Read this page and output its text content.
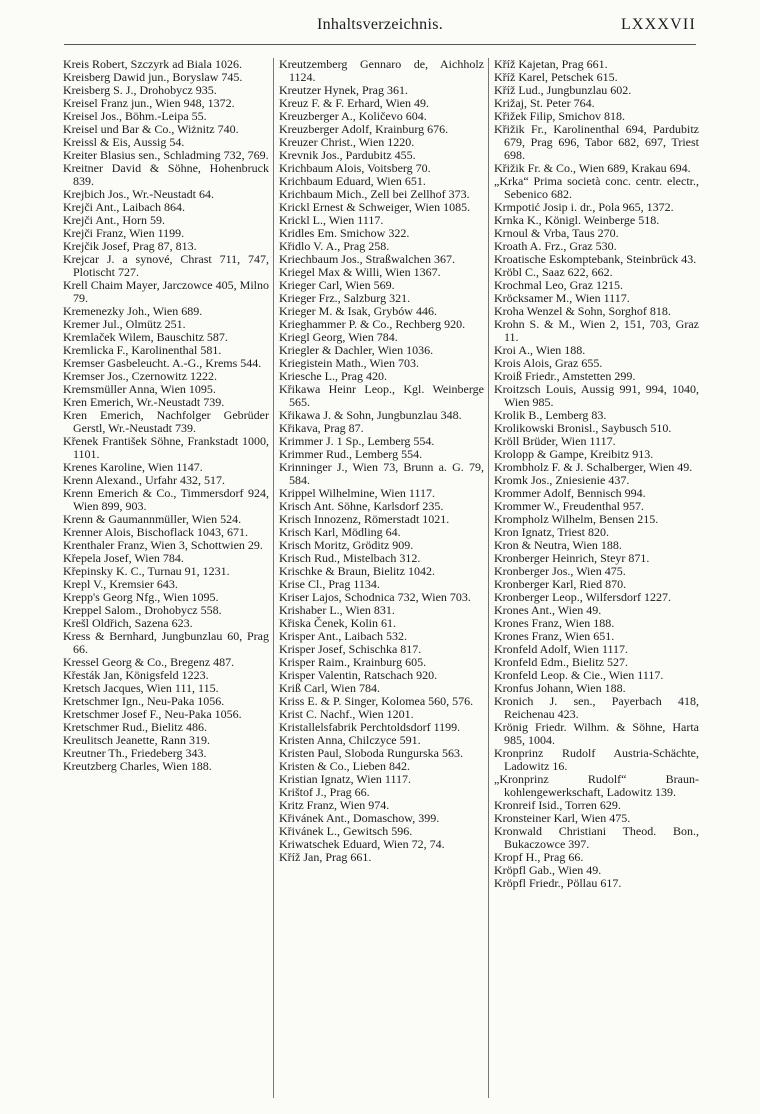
Inhaltsverzeichnis.	LXXXVII

Kreis Robert, Szczyrk ad Biala 1026.

Kreisberg Dawid jun., Boryslaw 745.

Kreisberg S. J., Drohobycz 935.

Kreisel Franz jun., Wien 948, 1372.

Kreisel Jos., Böhm.-Leipa 55.

Kreisel und Bar & Co., Wiżnitz 740.

Kreissl & Eis, Aussig 54.

Kreiter Blasius sen., Schladming 732, 769.

Kreitner David & Söhne, Hohenbruck 839.

Krejbich Jos., Wr.-Neustadt 64.

Krejči Ant., Laibach 864.

Krejči Ant., Horn 59.

Krejči Franz, Wien 1199.

Krejčik Josef, Prag 87, 813.

Krejcar J. a synové, Chrast 711, 747, Plotischt 727.

Krell Chaim Mayer, Jarczowce 405, Milno 79.

Kremenezky Joh., Wien 689.

Kremer Jul., Olmütz 251.

Kremlaček Wilem, Bauschitz 587.

Kremlicka F., Karolinenthal 581.

Kremser Gasbeleucht. A.-G., Krems 544.

Kremser Jos., Czernowitz 1222.

Kremsmüller Anna, Wien 1095.

Kren Emerich, Wr.-Neustadt 739.

Kren Emerich, Nachfolger Gebrüder Gerstl, Wr.-Neustadt 739.

Křenek František Söhne, Frankstadt 1000, 1101.

Krenes Karoline, Wien 1147.

Krenn Alexand., Urfahr 432, 517.

Krenn Emerich & Co., Timmersdorf 924, Wien 899, 903.

Krenn & Gaumannmüller, Wien 524.

Krenner Alois, Bischoflack 1043, 671.

Krenthaler Franz, Wien 3, Schottwien 29.

Křepela Josef, Wien 784.

Křepinsky K. C., Turnau 91, 1231.

Krepl V., Kremsier 643.

Krepp's Georg Nfg., Wien 1095.

Kreppel Salom., Drohobycz 558.

Krešl Oldřich, Sazena 623.

Kress & Bernhard, Jungbunzlau 60, Prag 66.

Kressel Georg & Co., Bregenz 487.

Křesták Jan, Königsfeld 1223.

Kretsch Jacques, Wien 111, 115.

Kretschmer Ign., Neu-Paka 1056.

Kretschmer Josef F., Neu-Paka 1056.

Kretschmer Rud., Bielitz 486.

Kreulitsch Jeanette, Rann 319.

Kreutner Th., Friedeberg 343.

Kreutzberg Charles, Wien 188.

Kreutzemberg Gennaro de, Aichholz 1124.

Kreutzer Hynek, Prag 361.

Kreuz F. & F. Erhard, Wien 49.

Kreuzberger A., Količevo 604.

Kreuzberger Adolf, Krainburg 676.

Kreuzer Christ., Wien 1220.

Krevnik Jos., Pardubitz 455.

Krichbaum Alois, Voitsberg 70.

Krichbaum Eduard, Wien 651.

Krichbaum Mich., Zell bei Zellhof 373.

Krickl Ernest & Schweiger, Wien 1085.

Krickl L., Wien 1117.

Kridles Em. Smichow 322.

Křidlo V. A., Prag 258.

Kriechbaum Jos., Straßwalchen 367.

Kriegel Max & Willi, Wien 1367.

Krieger Carl, Wien 569.

Krieger Frz., Salzburg 321.

Krieger M. & Isak, Grybów 446.

Krieghammer P. & Co., Rechberg 920.

Kriegl Georg, Wien 784.

Kriegler & Dachler, Wien 1036.

Kriegistein Math., Wien 703.

Kriesche L., Prag 420.

Křikawa Heinr Leop., Kgl. Weinberge 565.

Křikawa J. & Sohn, Jungbunzlau 348.

Křikava, Prag 87.

Krimmer J. 1 Sp., Lemberg 554.

Krimmer Rud., Lemberg 554.

Krinninger J., Wien 73, Brunn a. G. 79, 584.

Krippel Wilhelmine, Wien 1117.

Krisch Ant. Söhne, Karlsdorf 235.

Krisch Innozenz, Römerstadt 1021.

Krisch Karl, Mödling 64.

Krisch Moritz, Gröditz 909.

Krisch Rud., Mistelbach 312.

Krischke & Braun, Bielitz 1042.

Krise Cl., Prag 1134.

Kriser Lajos, Schodnica 732, Wien 703.

Krishaber L., Wien 831.

Křiska Čenek, Kolin 61.

Krisper Ant., Laibach 532.

Krisper Josef, Schischka 817.

Krisper Raim., Krainburg 605.

Krisper Valentin, Ratschach 920.

Kriß Carl, Wien 784.

Kriss E. & P. Singer, Kolomea 560, 576.

Krist C. Nachf., Wien 1201.

Kristallelsfabrik Perchtoldsdorf 1199.

Kristen Anna, Chilczyce 591.

Kristen Paul, Sloboda Rungurska 563.

Kristen & Co., Lieben 842.

Kristian Ignatz, Wien 1117.

Krištof J., Prag 66.

Kritz Franz, Wien 974.

Křivánek Ant., Domaschow, 399.

Křivánek L., Gewitsch 596.

Kriwatschek Eduard, Wien 72, 74.

Kříž Jan, Prag 661.

Kříž Kajetan, Prag 661.

Kříž Karel, Petschek 615.

Kříž Lud., Jungbunzlau 602.

Križaj, St. Peter 764.

Křižek Filip, Smichov 818.

Křižik Fr., Karolinenthal 694, Pardubitz 679, Prag 696, Tabor 682, 697, Triest 698.

Křižik Fr. & Co., Wien 689, Krakau 694.

„Krka“ Prima società conc. centr. electr., Sebenico 682.

Krmpotić Josip i. dr., Pola 965, 1372.

Krnka K., Königl. Weinberge 518.

Krnoul & Vrba, Taus 270.

Kroath A. Frz., Graz 530.

Kroatische Eskomptebank, Steinbrück 43.

Kröbl C., Saaz 622, 662.

Krochmal Leo, Graz 1215.

Kröcksamer M., Wien 1117.

Kroha Wenzel & Sohn, Sorghof 818.

Krohn S. & M., Wien 2, 151, 703, Graz 11.

Kroi A., Wien 188.

Krois Alois, Graz 655.

Kroiß Friedr., Amstetten 299.

Kroitzsch Louis, Aussig 991, 994, 1040, Wien 985.

Krolik B., Lemberg 83.

Krolikowski Bronisl., Saybusch 510.

Kröll Brüder, Wien 1117.

Krolopp & Gampe, Kreibitz 913.

Krombholz F. & J. Schalberger, Wien 49.

Kromk Jos., Zniesienie 437.

Krommer Adolf, Bennisch 994.

Krommer W., Freudenthal 957.

Krompholz Wilhelm, Bensen 215.

Kron Ignatz, Triest 820.

Kron & Neutra, Wien 188.

Kronberger Heinrich, Steyr 871.

Kronberger Jos., Wien 475.

Kronberger Karl, Ried 870.

Kronberger Leop., Wilfersdorf 1227.

Krones Ant., Wien 49.

Krones Franz, Wien 188.

Krones Franz, Wien 651.

Kronfeld Adolf, Wien 1117.

Kronfeld Edm., Bielitz 527.

Kronfeld Leop. & Cie., Wien 1117.

Kronfus Johann, Wien 188.

Kronich J. sen., Payerbach 418, Reichenau 423.

Krönig Friedr. Wilhm. & Söhne, Harta 985, 1004.

Kronprinz Rudolf Austria-Schächte, Ladowitz 16.

„Kronprinz Rudolf“ Braunkohlengewerkschaft, Ladowitz 139.

Kronreif Isid., Torren 629.

Kronsteiner Karl, Wien 475.

Kronwald Christiani Theod. Bon., Bukaczowce 397.

Kropf H., Prag 66.

Kröpfl Gab., Wien 49.

Kröpfl Friedr., Pöllau 617.
